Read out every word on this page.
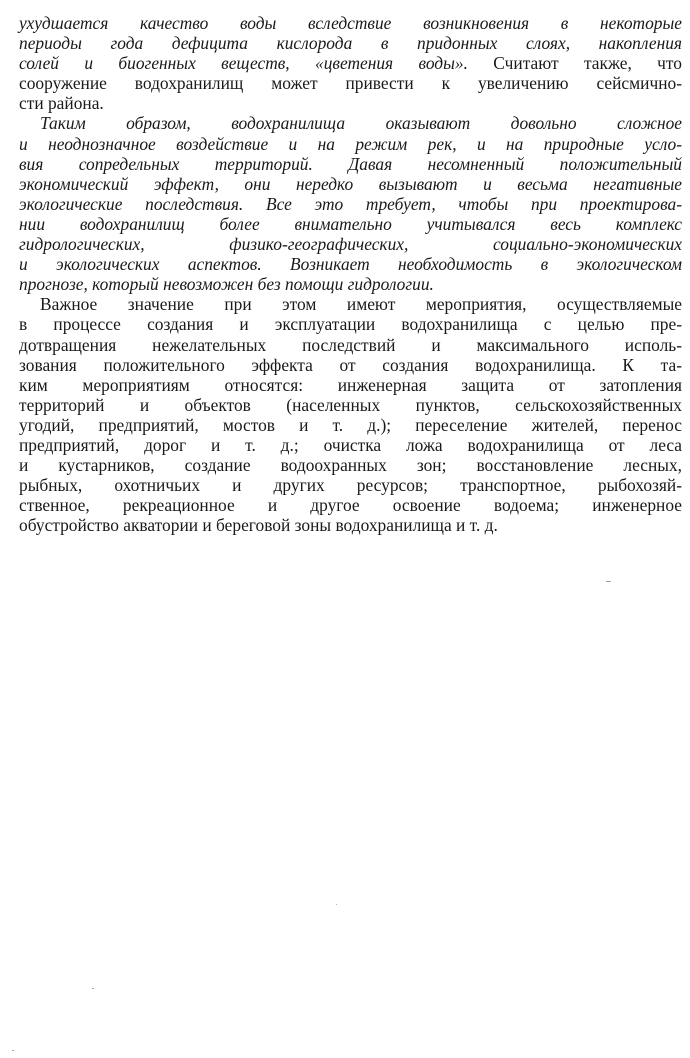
ухудшается качество воды вследствие возникновения в некоторые
периоды года дефицита кислорода в придонных слоях, накопления
солей и биогенных веществ, «цветения воды». Считают также, что
сооружение водохранилищ может привести к увеличению сейсмично-
сти района.
Таким образом, водохранилища оказывают довольно сложное
и неоднозначное воздействие и на режим рек, и на природные усло-
вия сопредельных территорий. Давая несомненный положительный
экономический эффект, они нередко вызывают и весьма негативные
экологические последствия. Все это требует, чтобы при проектирова-
нии водохранилищ более внимательно учитывался весь комплекс
гидрологических, физико-географических, социально-экономических
и экологических аспектов. Возникает необходимость в экологическом
прогнозе, который невозможен без помощи гидрологии.
Важное значение при этом имеют мероприятия, осуществляемые
в процессе создания и эксплуатации водохранилища с целью пре-
дотвращения нежелательных последствий и максимального исполь-
зования положительного эффекта от создания водохранилища. К та-
ким мероприятиям относятся: инженерная защита от затопления
территорий и объектов (населенных пунктов, сельскохозяйственных
угодий, предприятий, мостов и т. д.); переселение жителей, перенос
предприятий, дорог и т. д.; очистка ложа водохранилища от леса
и кустарников, создание водоохранных зон; восстановление лесных,
рыбных, охотничьих и других ресурсов; транспортное, рыбохозяй-
ственное, рекреационное и другое освоение водоема; инженерное
обустройство акватории и береговой зоны водохранилища и т. д.
